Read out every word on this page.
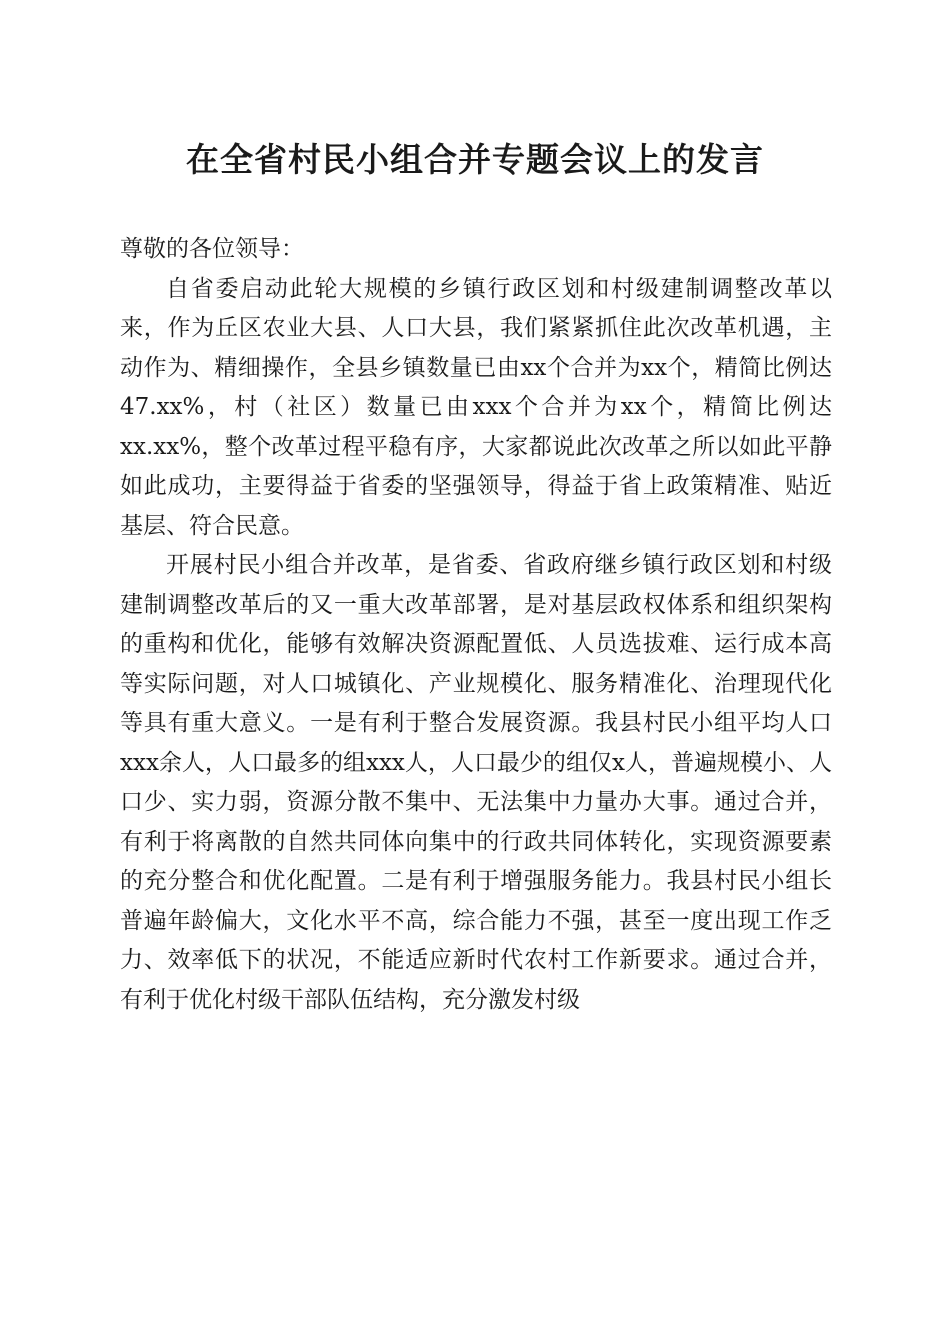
在全省村民小组合并专题会议上的发言

尊敬的各位领导：

自省委启动此轮大规模的乡镇行政区划和村级建制调整改革以来，作为丘区农业大县、人口大县，我们紧紧抓住此次改革机遇，主动作为、精细操作，全县乡镇数量已由xx个合并为xx个，精简比例达47.xx%，村（社区）数量已由xxx个合并为xx个，精简比例达xx.xx%，整个改革过程平稳有序，大家都说此次改革之所以如此平静如此成功，主要得益于省委的坚强领导，得益于省上政策精准、贴近基层、符合民意。

开展村民小组合并改革，是省委、省政府继乡镇行政区划和村级建制调整改革后的又一重大改革部署，是对基层政权体系和组织架构的重构和优化，能够有效解决资源配置低、人员选拔难、运行成本高等实际问题，对人口城镇化、产业规模化、服务精准化、治理现代化等具有重大意义。一是有利于整合发展资源。我县村民小组平均人口xxx余人，人口最多的组xxx人，人口最少的组仅x人，普遍规模小、人口少、实力弱，资源分散不集中、无法集中力量办大事。通过合并，有利于将离散的自然共同体向集中的行政共同体转化，实现资源要素的充分整合和优化配置。二是有利于增强服务能力。我县村民小组长普遍年龄偏大，文化水平不高，综合能力不强，甚至一度出现工作乏力、效率低下的状况，不能适应新时代农村工作新要求。通过合并，有利于优化村级干部队伍结构，充分激发村级
